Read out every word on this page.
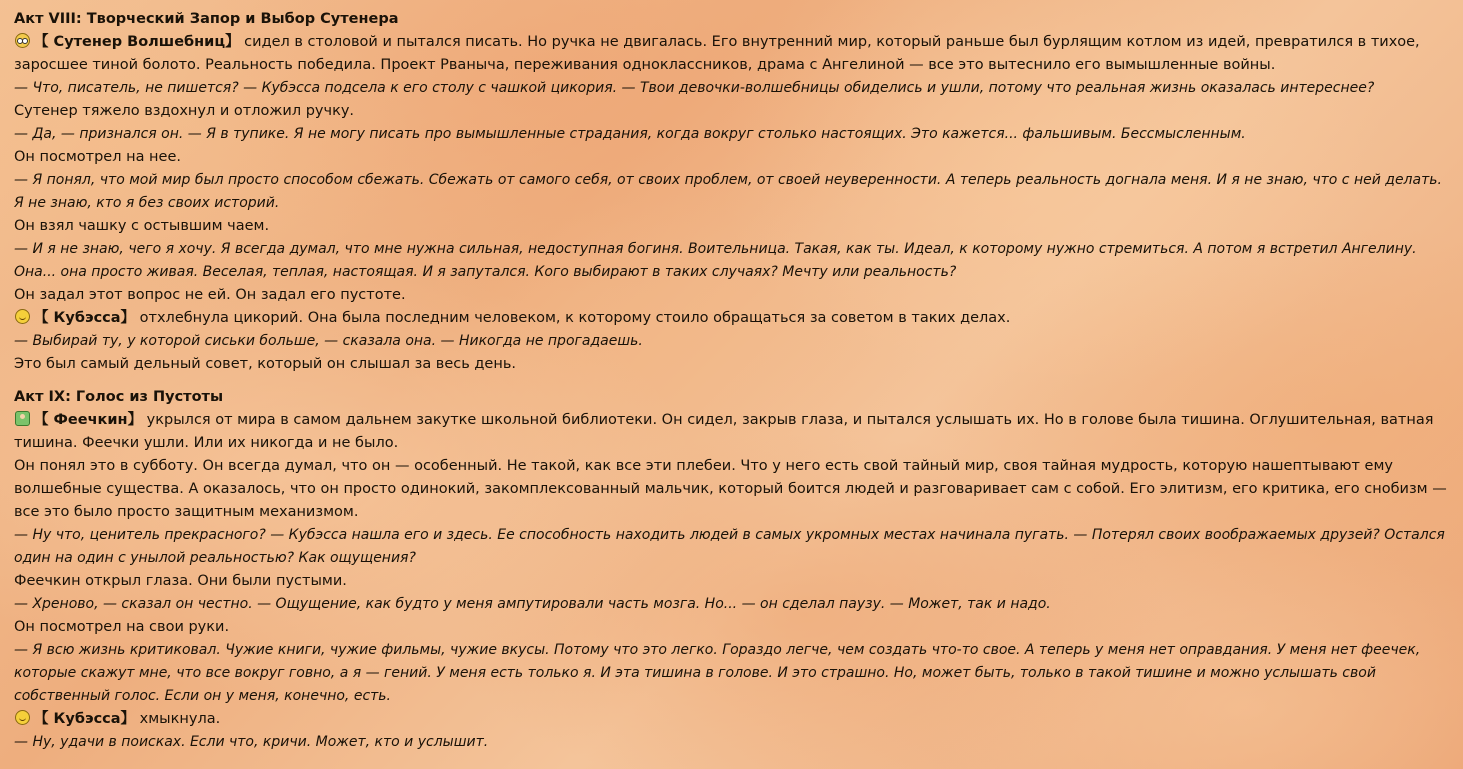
Акт VIII: Творческий Запор и Выбор Сутенера
【 Сутенер Волшебниц】 сидел в столовой и пытался писать. Но ручка не двигалась. Его внутренний мир, который раньше был бурлящим котлом из идей, превратился в тихое, заросшее тиной болото. Реальность победила. Проект Рваныча, переживания одноклассников, драма с Ангелиной — все это вытеснило его вымышленные войны.
— Что, писатель, не пишется? — Кубэсса подсела к его столу с чашкой цикория. — Твои девочки-волшебницы обиделись и ушли, потому что реальная жизнь оказалась интереснее?
Сутенер тяжело вздохнул и отложил ручку.
— Да, — признался он. — Я в тупике. Я не могу писать про вымышленные страдания, когда вокруг столько настоящих. Это кажется... фальшивым. Бессмысленным.
Он посмотрел на нее.
— Я понял, что мой мир был просто способом сбежать. Сбежать от самого себя, от своих проблем, от своей неуверенности. А теперь реальность догнала меня. И я не знаю, что с ней делать. Я не знаю, кто я без своих историй.
Он взял чашку с остывшим чаем.
— И я не знаю, чего я хочу. Я всегда думал, что мне нужна сильная, недоступная богиня. Воительница. Такая, как ты. Идеал, к которому нужно стремиться. А потом я встретил Ангелину. Она... она просто живая. Веселая, теплая, настоящая. И я запутался. Кого выбирают в таких случаях? Мечту или реальность?
Он задал этот вопрос не ей. Он задал его пустоте.
【 Кубэсса】 отхлебнула цикорий. Она была последним человеком, к которому стоило обращаться за советом в таких делах.
— Выбирай ту, у которой сиськи больше, — сказала она. — Никогда не прогадаешь.
Это был самый дельный совет, который он слышал за весь день.
Акт IX: Голос из Пустоты
【 Феечкин】 укрылся от мира в самом дальнем закутке школьной библиотеки. Он сидел, закрыв глаза, и пытался услышать их. Но в голове была тишина. Оглушительная, ватная тишина. Феечки ушли. Или их никогда и не было.
Он понял это в субботу. Он всегда думал, что он — особенный. Не такой, как все эти плебеи. Что у него есть свой тайный мир, своя тайная мудрость, которую нашептывают ему волшебные существа. А оказалось, что он просто одинокий, закомплексованный мальчик, который боится людей и разговаривает сам с собой. Его элитизм, его критика, его снобизм — все это было просто защитным механизмом.
— Ну что, ценитель прекрасного? — Кубэсса нашла его и здесь. Ее способность находить людей в самых укромных местах начинала пугать. — Потерял своих воображаемых друзей? Остался один на один с унылой реальностью? Как ощущения?
Феечкин открыл глаза. Они были пустыми.
— Хреново, — сказал он честно. — Ощущение, как будто у меня ампутировали часть мозга. Но... — он сделал паузу. — Может, так и надо.
Он посмотрел на свои руки.
— Я всю жизнь критиковал. Чужие книги, чужие фильмы, чужие вкусы. Потому что это легко. Гораздо легче, чем создать что-то свое. А теперь у меня нет оправдания. У меня нет феечек, которые скажут мне, что все вокруг говно, а я — гений. У меня есть только я. И эта тишина в голове. И это страшно. Но, может быть, только в такой тишине и можно услышать свой собственный голос. Если он у меня, конечно, есть.
【 Кубэсса】 хмыкнула.
— Ну, удачи в поисках. Если что, кричи. Может, кто и услышит.
